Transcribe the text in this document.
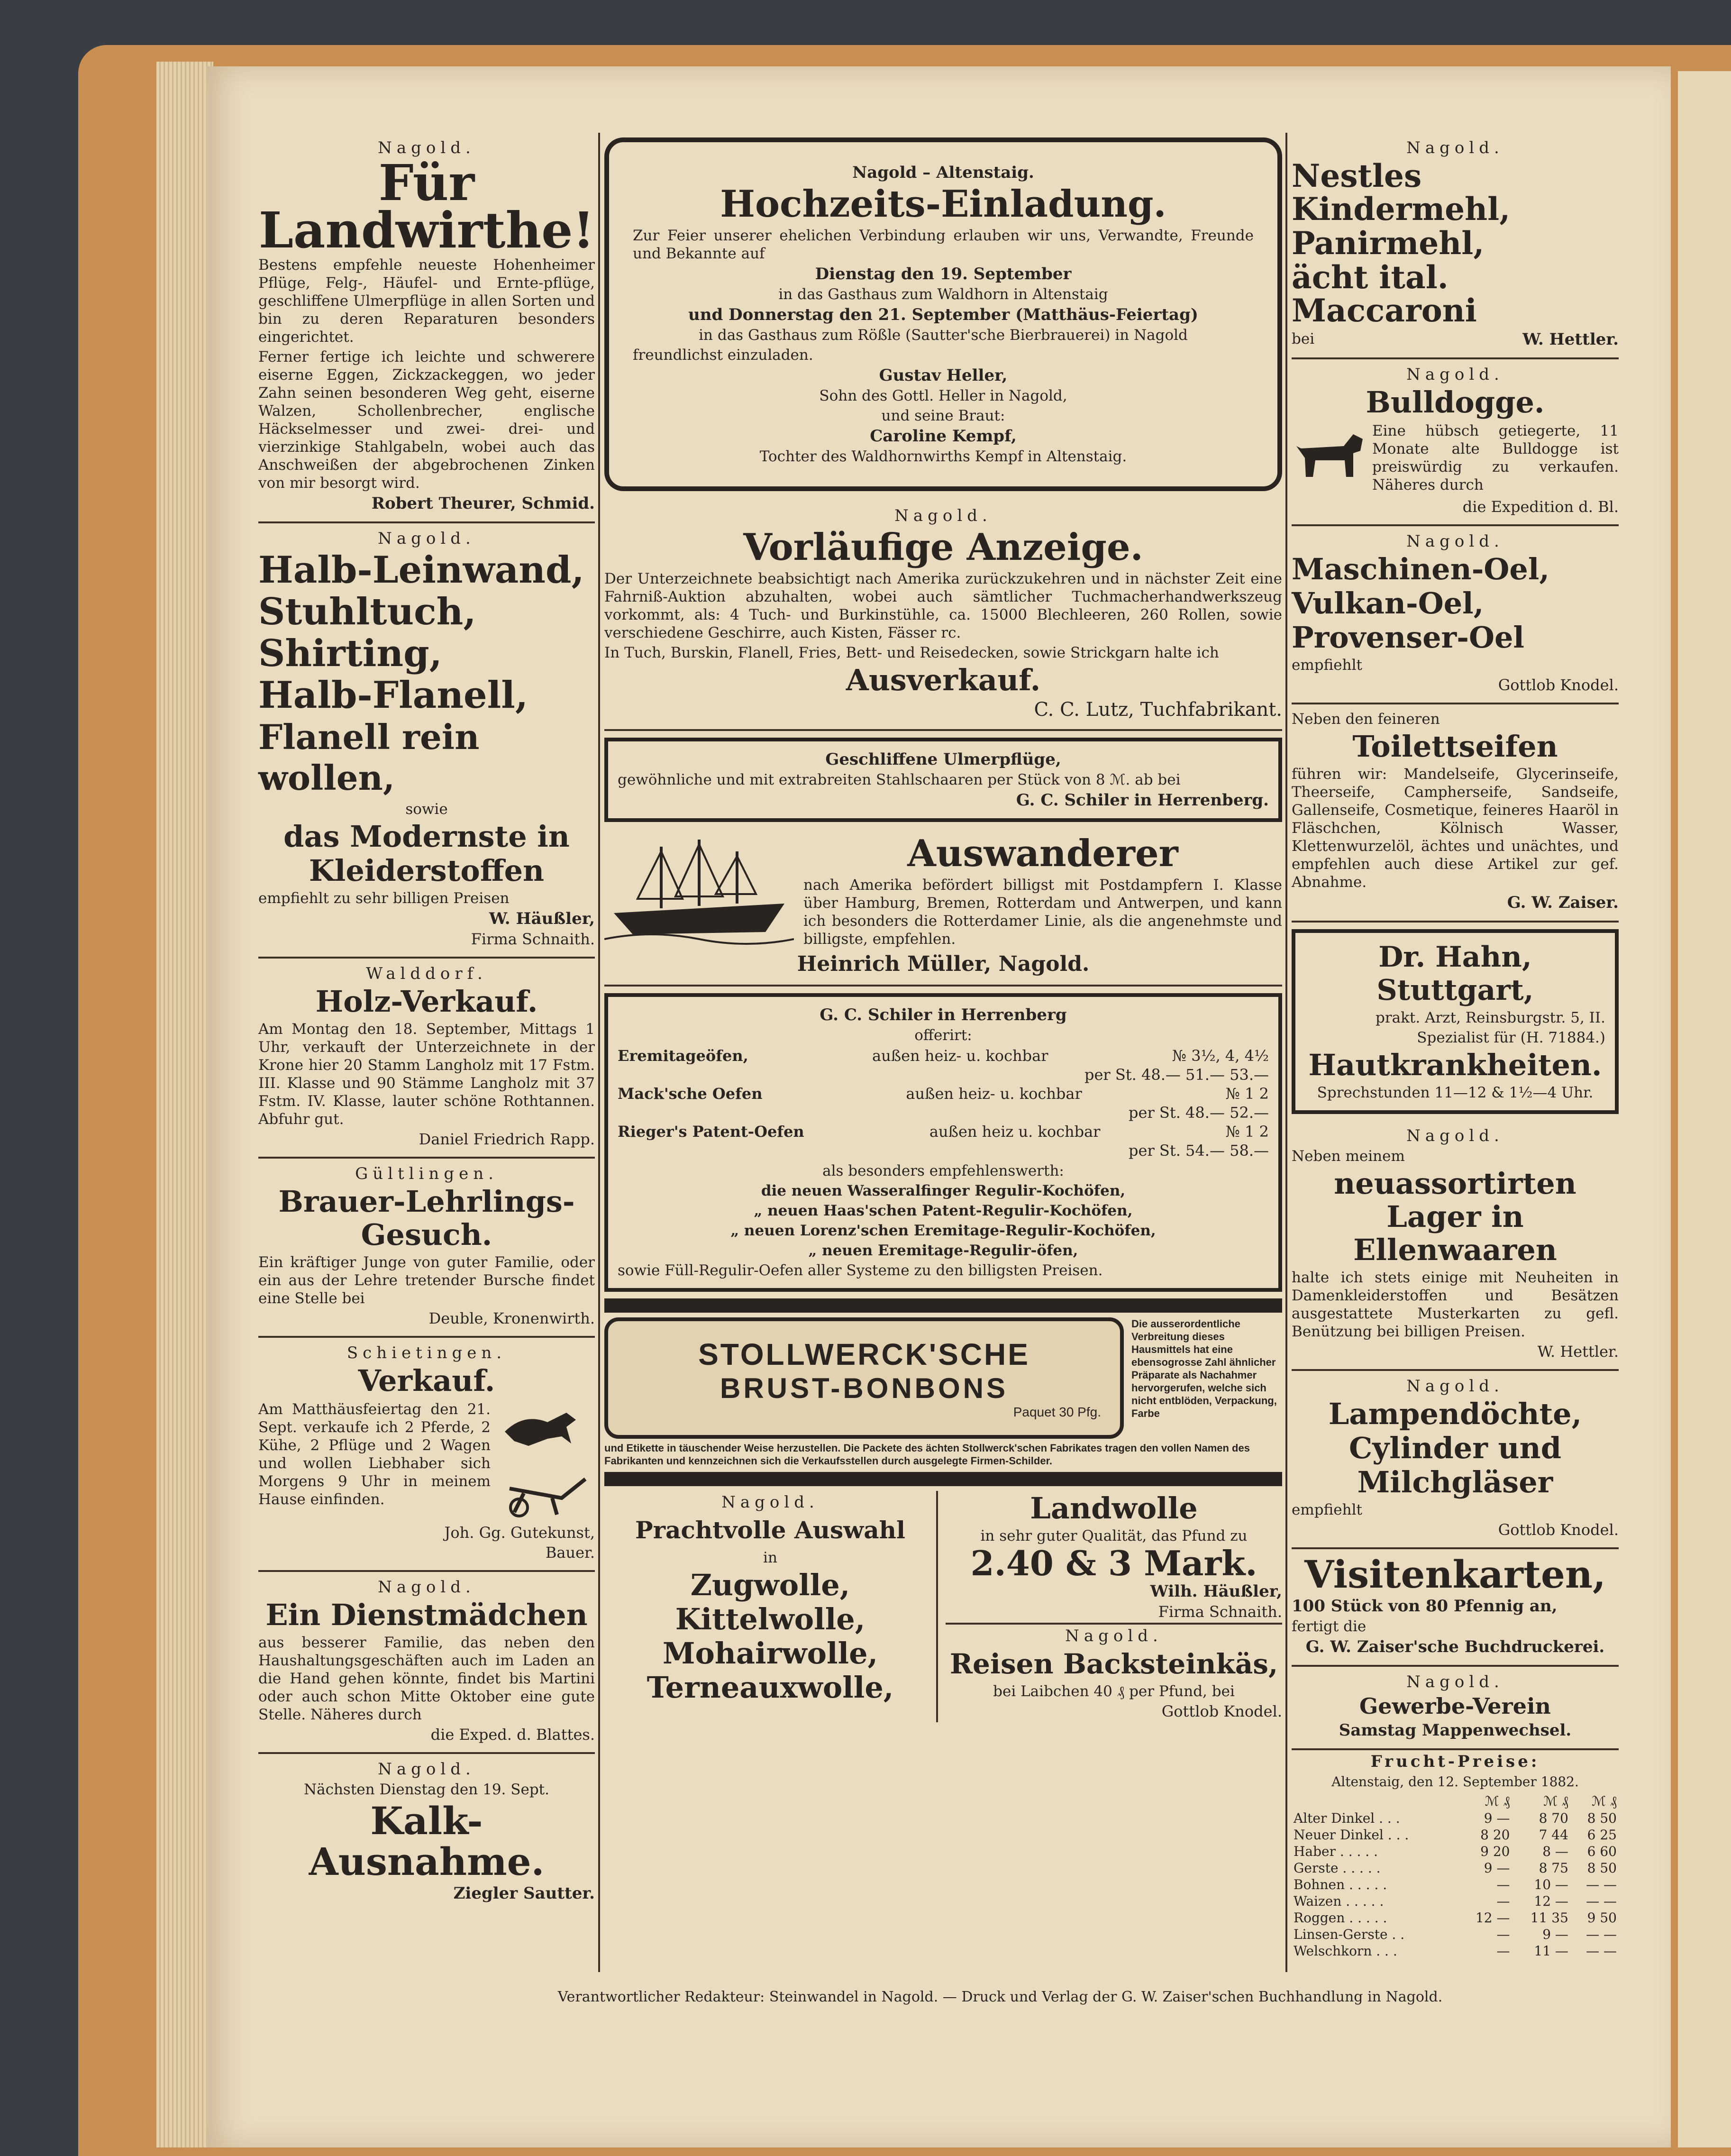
Nagold.
Für Landwirthe!
Bestens empfehle neueste Hohenheimer Pflüge, Felg-, Häufel- und Ernte-pflüge, geschliffene Ulmerpflüge in allen Sorten und bin zu deren Reparaturen besonders eingerichtet.
Ferner fertige ich leichte und schwerere eiserne Eggen, Zickzackeggen, wo jeder Zahn seinen besonderen Weg geht, eiserne Walzen, Schollenbrecher, englische Häckselmesser und zwei- drei- und vierzinkige Stahlgabeln, wobei auch das Anschweißen der abgebrochenen Zinken von mir besorgt wird.
Robert Theurer, Schmid.
Nagold.
Halb-Leinwand,
Stuhltuch,
Shirting,
Halb-Flanell,
Flanell rein wollen,
sowie
das Modernste in
Kleiderstoffen
empfiehlt zu sehr billigen Preisen
W. Häußler,
Firma Schnaith.
Walddorf.
Holz-Verkauf.
Am Montag den 18. September, Mittags 1 Uhr, verkauft der Unterzeichnete in der Krone hier 20 Stamm Langholz mit 17 Fstm. III. Klasse und 90 Stämme Langholz mit 37 Fstm. IV. Klasse, lauter schöne Rothtannen. Abfuhr gut.
Daniel Friedrich Rapp.
Gültlingen.
Brauer-Lehrlings-Gesuch.
Ein kräftiger Junge von guter Familie, oder ein aus der Lehre tretender Bursche findet eine Stelle bei
Deuble, Kronenwirth.
Schietingen.
Verkauf.
Am Matthäusfeiertag den 21. Sept. verkaufe ich 2 Pferde, 2 Kühe, 2 Pflüge und 2 Wagen und wollen Liebhaber sich Morgens 9 Uhr in meinem Hause einfinden.
Joh. Gg. Gutekunst,
Bauer.
Nagold.
Ein Dienstmädchen
aus besserer Familie, das neben den Haushaltungsgeschäften auch im Laden an die Hand gehen könnte, findet bis Martini oder auch schon Mitte Oktober eine gute Stelle. Näheres durch
die Exped. d. Blattes.
Nagold.
Nächsten Dienstag den 19. Sept.
Kalk-Ausnahme.
Ziegler Sautter.
Nagold – Altenstaig.
Hochzeits-Einladung.
Zur Feier unserer ehelichen Verbindung erlauben wir uns, Verwandte, Freunde und Bekannte auf
Dienstag den 19. September
in das Gasthaus zum Waldhorn in Altenstaig
und Donnerstag den 21. September (Matthäus-Feiertag)
in das Gasthaus zum Rößle (Sautter'sche Bierbrauerei) in Nagold
freundlichst einzuladen.
Gustav Heller,
Sohn des Gottl. Heller in Nagold,
und seine Braut:
Caroline Kempf,
Tochter des Waldhornwirths Kempf in Altenstaig.
Nagold.
Vorläufige Anzeige.
Der Unterzeichnete beabsichtigt nach Amerika zurückzukehren und in nächster Zeit eine Fahrniß-Auktion abzuhalten, wobei auch sämtlicher Tuchmacherhandwerkszeug vorkommt, als: 4 Tuch- und Burkinstühle, ca. 15000 Blechleeren, 260 Rollen, sowie verschiedene Geschirre, auch Kisten, Fässer rc.
In Tuch, Burskin, Flanell, Fries, Bett- und Reisedecken, sowie Strickgarn halte ich
Ausverkauf.
C. C. Lutz, Tuchfabrikant.
Geschliffene Ulmerpflüge,
gewöhnliche und mit extrabreiten Stahlschaaren per Stück von 8 ℳ. ab bei
G. C. Schiler in Herrenberg.
Auswanderer
nach Amerika befördert billigst mit Postdampfern I. Klasse über Hamburg, Bremen, Rotterdam und Antwerpen, und kann ich besonders die Rotterdamer Linie, als die angenehmste und billigste, empfehlen.
Heinrich Müller, Nagold.
G. C. Schiler in Herrenberg
offerirt:
Eremitageöfen,	außen heiz- u. kochbar	№ 3½, 4, 4½
per St. 48.— 51.— 53.—
Mack'sche Oefen	außen heiz- u. kochbar	№ 1 2
per St. 48.— 52.—
Rieger's Patent-Oefen	außen heiz u. kochbar	№ 1 2
per St. 54.— 58.—
als besonders empfehlenswerth:
die neuen Wasseralfinger Regulir-Kochöfen,
„ neuen Haas'schen Patent-Regulir-Kochöfen,
„ neuen Lorenz'schen Eremitage-Regulir-Kochöfen,
„ neuen Eremitage-Regulir-öfen,
sowie Füll-Regulir-Oefen aller Systeme zu den billigsten Preisen.
STOLLWERCK'SCHE
BRUST-BONBONS
Paquet 30 Pfg.
Die ausserordentliche Verbreitung dieses Hausmittels hat eine ebensogrosse Zahl ähnlicher Präparate als Nachahmer hervorgerufen, welche sich nicht entblöden, Verpackung, Farbe
und Etikette in täuschender Weise herzustellen. Die Packete des ächten Stollwerck'schen Fabrikates tragen den vollen Namen des Fabrikanten und kennzeichnen sich die Verkaufsstellen durch ausgelegte Firmen-Schilder.
Nagold.
Prachtvolle Auswahl
in
Zugwolle,
Kittelwolle,
Mohairwolle,
Terneauxwolle,
Landwolle
in sehr guter Qualität, das Pfund zu
2.40 & 3 Mark.
Wilh. Häußler,
Firma Schnaith.
Nagold.
Reisen Backsteinkäs,
bei Laibchen 40 ₰ per Pfund, bei
Gottlob Knodel.
Nagold.
Nestles Kindermehl,
Panirmehl,
ächt ital. Maccaroni
bei	W. Hettler.
Nagold.
Bulldogge.
Eine hübsch getiegerte, 11 Monate alte Bulldogge ist preiswürdig zu verkaufen. Näheres durch
die Expedition d. Bl.
Nagold.
Maschinen-Oel,
Vulkan-Oel,
Provenser-Oel
empfiehlt
Gottlob Knodel.
Neben den feineren
Toilettseifen
führen wir: Mandelseife, Glycerinseife, Theerseife, Campherseife, Sandseife, Gallenseife, Cosmetique, feineres Haaröl in Fläschchen, Kölnisch Wasser, Klettenwurzelöl, ächtes und unächtes, und empfehlen auch diese Artikel zur gef. Abnahme.
G. W. Zaiser.
Dr. Hahn, Stuttgart,
prakt. Arzt, Reinsburgstr. 5, II.
Spezialist für (H. 71884.)
Hautkrankheiten.
Sprechstunden 11—12 & 1½—4 Uhr.
Nagold.
Neben meinem
neuassortirten Lager in Ellenwaaren
halte ich stets einige mit Neuheiten in Damenkleiderstoffen und Besätzen ausgestattete Musterkarten zu gefl. Benützung bei billigen Preisen.
W. Hettler.
Nagold.
Lampendöchte,
Cylinder und
Milchgläser
empfiehlt
Gottlob Knodel.
Visitenkarten,
100 Stück von 80 Pfennig an,
fertigt die
G. W. Zaiser'sche Buchdruckerei.
Nagold.
Gewerbe-Verein
Samstag Mappenwechsel.
Frucht-Preise:
Altenstaig, den 12. September 1882.
	ℳ ₰	ℳ ₰	ℳ ₰
Alter Dinkel . . .	9 —	8 70	8 50
Neuer Dinkel . . .	8 20	7 44	6 25
Haber . . . . .	9 20	8 —	6 60
Gerste . . . . .	9 —	8 75	8 50
Bohnen . . . . .	—	10 —	— —
Waizen . . . . .	—	12 —	— —
Roggen . . . . .	12 —	11 35	9 50
Linsen-Gerste . .	—	9 —	— —
Welschkorn . . .	—	11 —	— —
Verantwortlicher Redakteur: Steinwandel in Nagold. — Druck und Verlag der G. W. Zaiser'schen Buchhandlung in Nagold.
